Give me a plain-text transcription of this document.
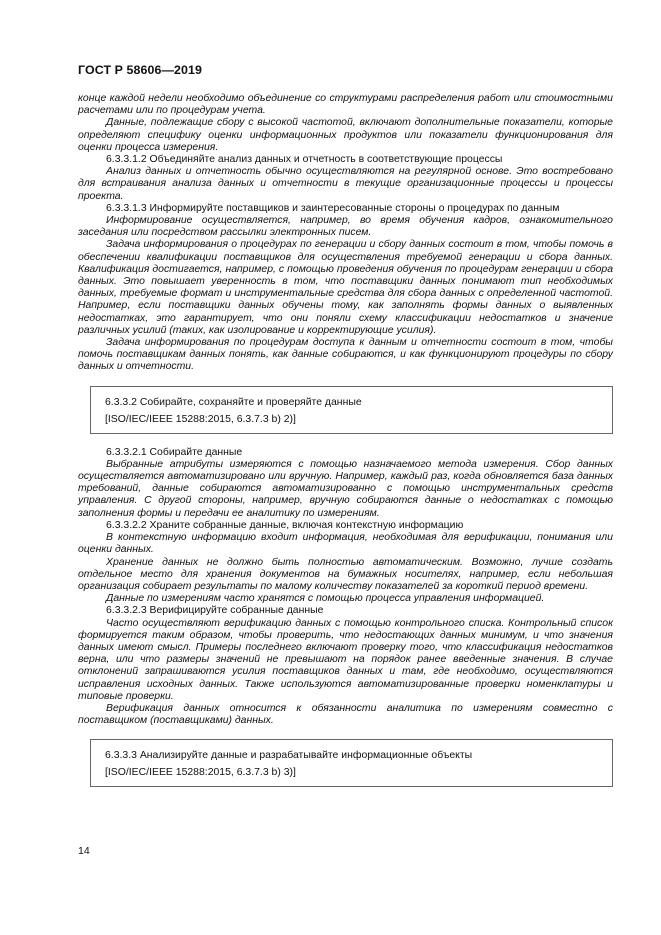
ГОСТ Р 58606—2019

конце каждой недели необходимо объединение со структурами распределения работ или стоимостными расчетами или по процедурам учета.

Данные, подлежащие сбору с высокой частотой, включают дополнительные показатели, которые определяют специфику оценки информационных продуктов или показатели функционирования для оценки процесса измерения.

6.3.3.1.2 Объединяйте анализ данных и отчетность в соответствующие процессы

Анализ данных и отчетность обычно осуществляются на регулярной основе. Это востребовано для встраивания анализа данных и отчетности в текущие организационные процессы и процессы проекта.

6.3.3.1.3 Информируйте поставщиков и заинтересованные стороны о процедурах по данным

Информирование осуществляется, например, во время обучения кадров, ознакомительного заседания или посредством рассылки электронных писем.

Задача информирования о процедурах по генерации и сбору данных состоит в том, чтобы помочь в обеспечении квалификации поставщиков для осуществления требуемой генерации и сбора данных. Квалификация достигается, например, с помощью проведения обучения по процедурам генерации и сбора данных. Это повышает уверенность в том, что поставщики данных понимают тип необходимых данных, требуемые формат и инструментальные средства для сбора данных с определенной частотой. Например, если поставщики данных обучены тому, как заполнять формы данных о выявленных недостатках, это гарантирует, что они поняли схему классификации недостатков и значение различных усилий (таких, как изолирование и корректирующие усилия).

Задача информирования по процедурам доступа к данным и отчетности состоит в том, чтобы помочь поставщикам данных понять, как данные собираются, и как функционируют процедуры по сбору данных и отчетности.

6.3.3.2 Собирайте, сохраняйте и проверяйте данные
[ISO/IEC/IEEE 15288:2015, 6.3.7.3 b) 2)]

6.3.3.2.1 Собирайте данные

Выбранные атрибуты измеряются с помощью назначаемого метода измерения. Сбор данных осуществляется автоматизировано или вручную. Например, каждый раз, когда обновляется база данных требований, данные собираются автоматизированно с помощью инструментальных средств управления. С другой стороны, например, вручную собираются данные о недостатках с помощью заполнения формы и передачи ее аналитику по измерениям.

6.3.3.2.2 Храните собранные данные, включая контекстную информацию

В контекстную информацию входит информация, необходимая для верификации, понимания или оценки данных.

Хранение данных не должно быть полностью автоматическим. Возможно, лучше создать отдельное место для хранения документов на бумажных носителях, например, если небольшая организация собирает результаты по малому количеству показателей за короткий период времени.

Данные по измерениям часто хранятся с помощью процесса управления информацией.

6.3.3.2.3 Верифицируйте собранные данные

Часто осуществляют верификацию данных с помощью контрольного списка. Контрольный список формируется таким образом, чтобы проверить, что недостающих данных минимум, и что значения данных имеют смысл. Примеры последнего включают проверку того, что классификация недостатков верна, или что размеры значений не превышают на порядок ранее введенные значения. В случае отклонений запрашиваются усилия поставщиков данных и там, где необходимо, осуществляются исправления исходных данных. Также используются автоматизированные проверки номенклатуры и типовые проверки.

Верификация данных относится к обязанности аналитика по измерениям совместно с поставщиком (поставщиками) данных.

6.3.3.3 Анализируйте данные и разрабатывайте информационные объекты
[ISO/IEC/IEEE 15288:2015, 6.3.7.3 b) 3)]
14
